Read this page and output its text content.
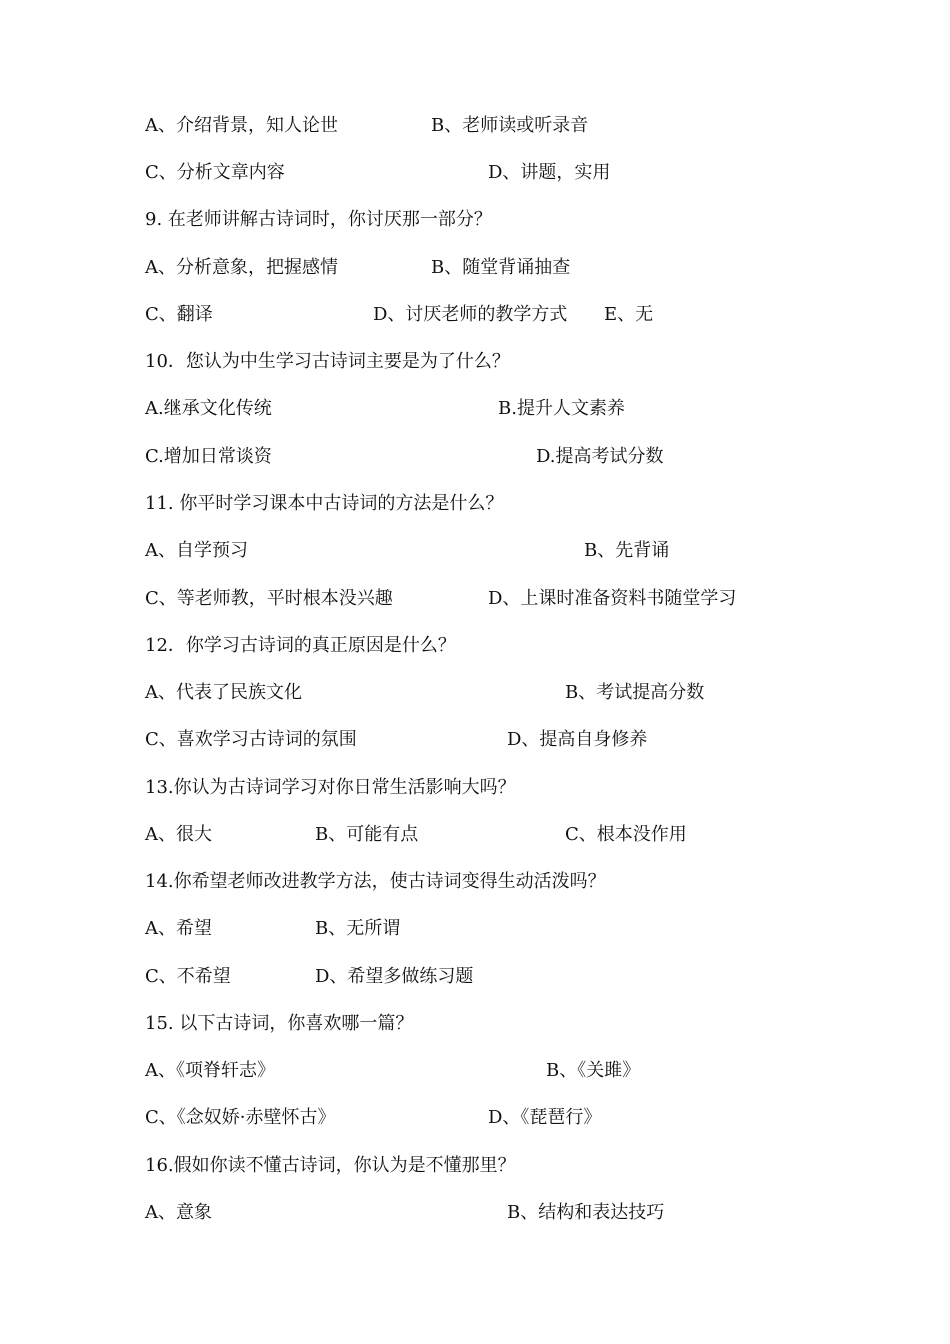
A、介绍背景，知人论世	B、老师读或听录音
C、分析文章内容	D、讲题，实用
9. 在老师讲解古诗词时，你讨厌那一部分？
A、分析意象，把握感情	B、随堂背诵抽查
C、翻译	D、讨厌老师的教学方式 E、无
10．您认为中生学习古诗词主要是为了什么？
A.继承文化传统	B.提升人文素养
C.增加日常谈资	D.提高考试分数
11. 你平时学习课本中古诗词的方法是什么？
A、自学预习	B、先背诵
C、等老师教，平时根本没兴趣	D、上课时准备资料书随堂学习
12．你学习古诗词的真正原因是什么？
A、代表了民族文化	B、考试提高分数
C、喜欢学习古诗词的氛围	D、提高自身修养
13.你认为古诗词学习对你日常生活影响大吗？
A、很大	B、可能有点	C、根本没作用
14.你希望老师改进教学方法，使古诗词变得生动活泼吗？
A、希望	B、无所谓
C、不希望	D、希望多做练习题
15. 以下古诗词，你喜欢哪一篇？
A、《项脊轩志》	B、《关雎》
C、《念奴娇·赤壁怀古》	D、《琵琶行》
16.假如你读不懂古诗词，你认为是不懂那里？
A、意象	B、结构和表达技巧
